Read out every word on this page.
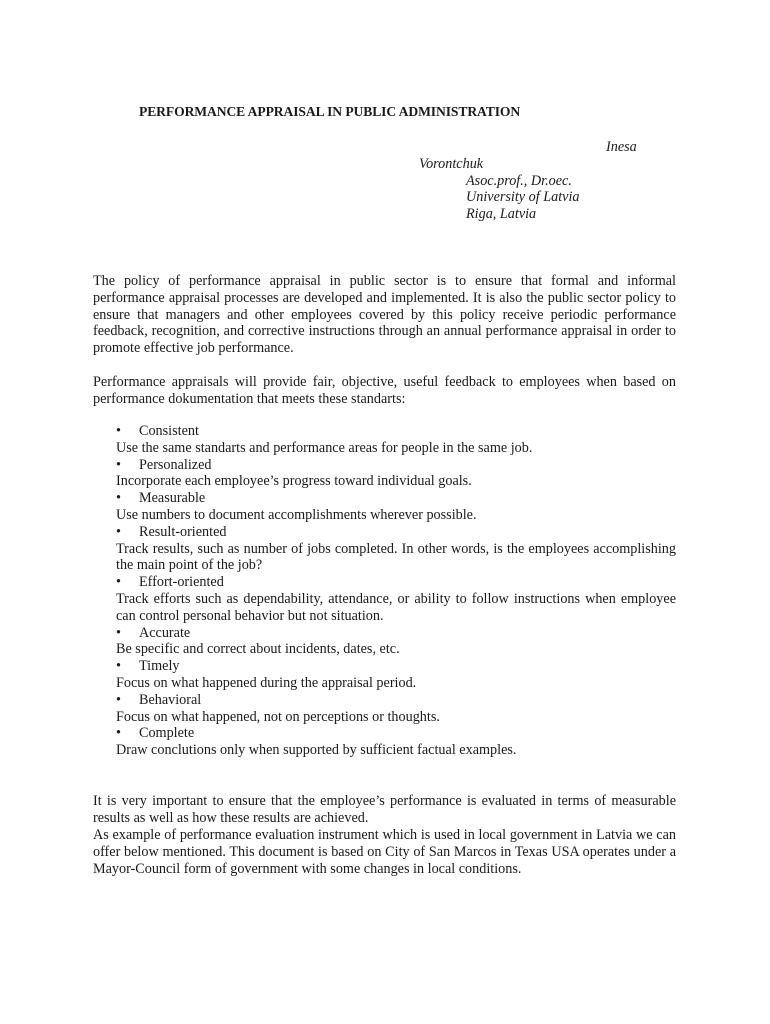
PERFORMANCE APPRAISAL IN PUBLIC ADMINISTRATION
Inesa
Vorontchuk
Asoc.prof., Dr.oec.
University of Latvia
Riga, Latvia

The policy of performance appraisal in public sector is to ensure that formal and informal performance appraisal processes are developed and implemented. It is also the public sector policy to ensure that managers and other employees covered by this policy receive periodic performance feedback, recognition, and corrective instructions through an annual performance appraisal in order to promote effective job performance.

Performance appraisals will provide fair, objective, useful feedback to employees when based on performance dokumentation that meets these standarts:

• Consistent
Use the same standarts and performance areas for people in the same job.
• Personalized
Incorporate each employee’s progress toward individual goals.
• Measurable
Use numbers to document accomplishments wherever possible.
• Result-oriented
Track results, such as number of jobs completed. In other words, is the employees accomplishing the main point of the job?
• Effort-oriented
Track efforts such as dependability, attendance, or ability to follow instructions when employee can control personal behavior but not situation.
• Accurate
Be specific and correct about incidents, dates, etc.
• Timely
Focus on what happened during the appraisal period.
• Behavioral
Focus on what happened, not on perceptions or thoughts.
• Complete
Draw conclutions only when supported by sufficient factual examples.

It is very important to ensure that the employee’s performance is evaluated in terms of measurable results as well as how these results are achieved.

As example of performance evaluation instrument which is used in local government in Latvia we can offer below mentioned. This document is based on City of San Marcos in Texas USA operates under a Mayor-Council form of government with some changes in local conditions.
